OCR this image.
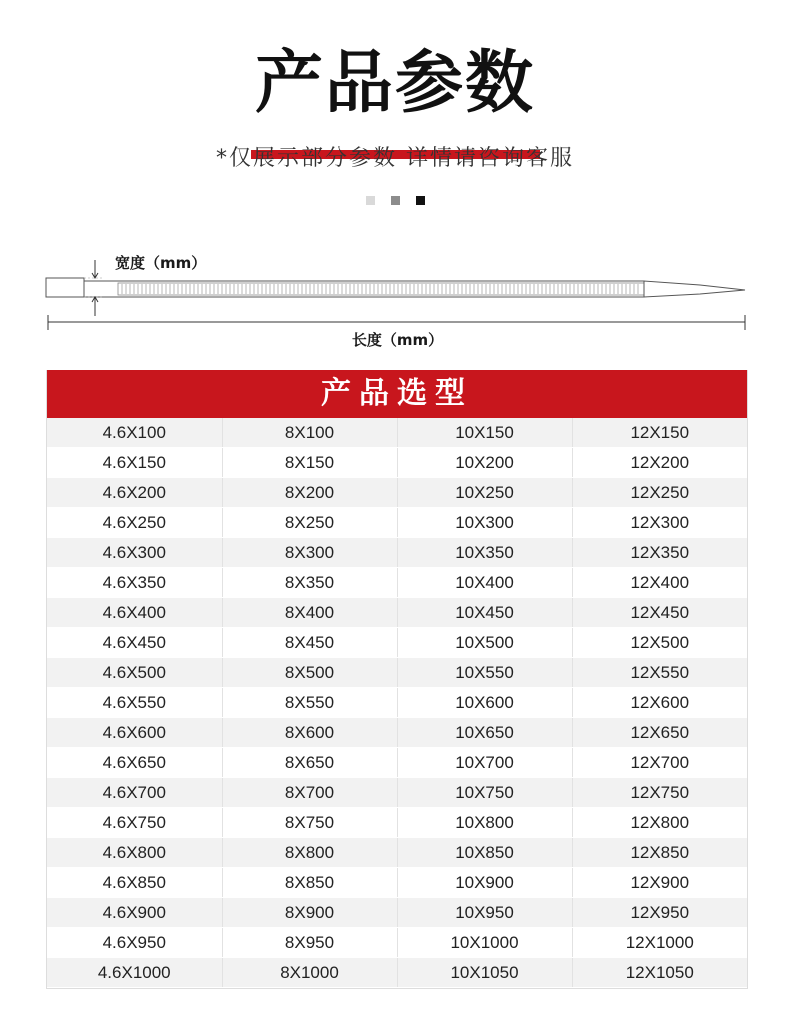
产品参数
*仅展示部分参数 详情请咨询客服
宽度（mm）
长度（mm）
产品选型
4.6X100	8X100	10X150	12X150
4.6X150	8X150	10X200	12X200
4.6X200	8X200	10X250	12X250
4.6X250	8X250	10X300	12X300
4.6X300	8X300	10X350	12X350
4.6X350	8X350	10X400	12X400
4.6X400	8X400	10X450	12X450
4.6X450	8X450	10X500	12X500
4.6X500	8X500	10X550	12X550
4.6X550	8X550	10X600	12X600
4.6X600	8X600	10X650	12X650
4.6X650	8X650	10X700	12X700
4.6X700	8X700	10X750	12X750
4.6X750	8X750	10X800	12X800
4.6X800	8X800	10X850	12X850
4.6X850	8X850	10X900	12X900
4.6X900	8X900	10X950	12X950
4.6X950	8X950	10X1000	12X1000
4.6X1000	8X1000	10X1050	12X1050
